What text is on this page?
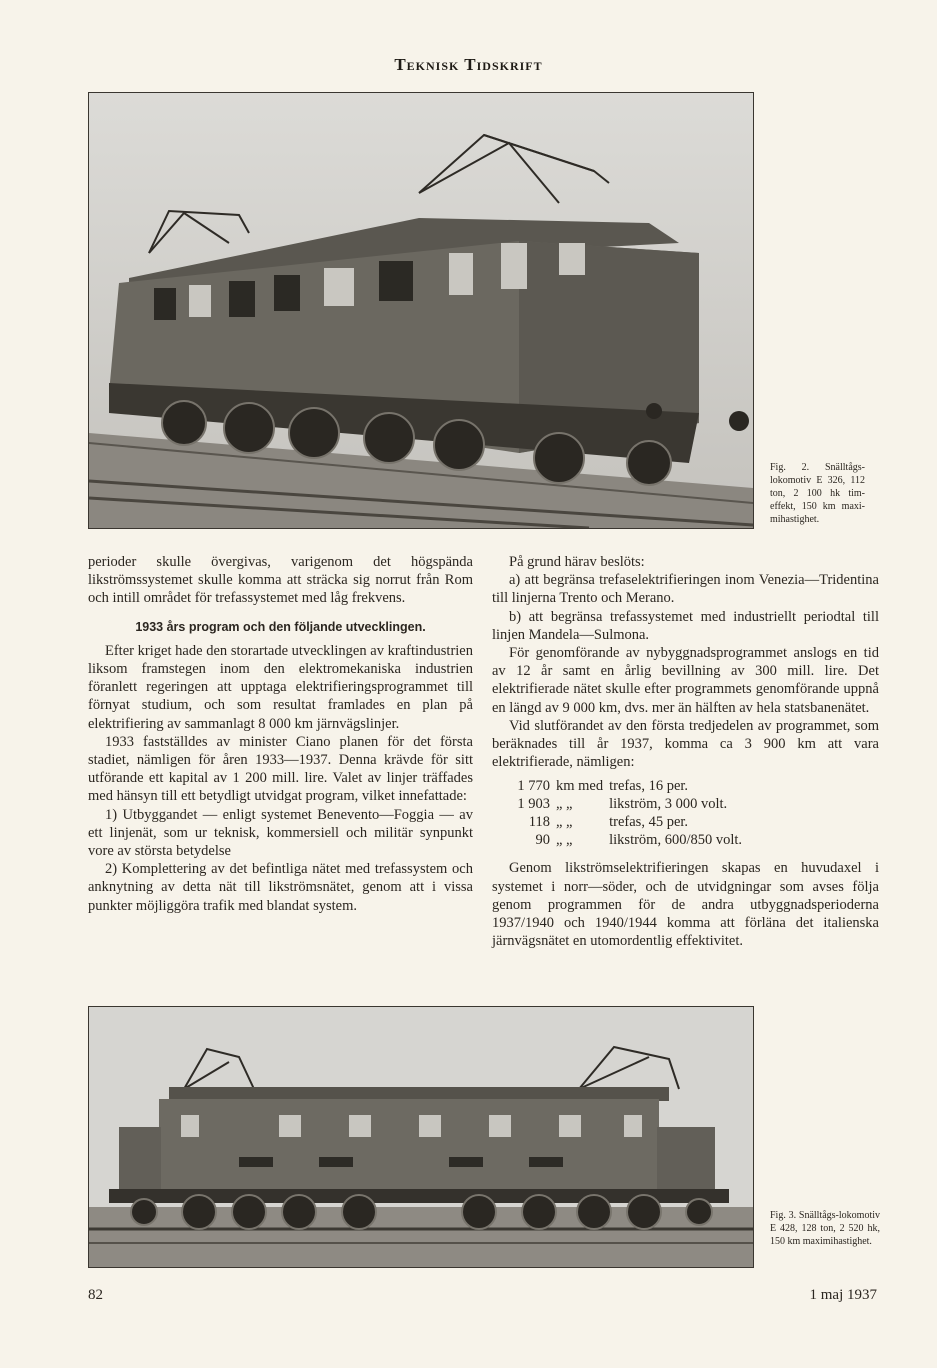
Teknisk Tidskrift
Fig. 2. Snälltågs-lokomotiv E 326, 112 ton, 2 100 hk tim-effekt, 150 km maxi-mihastighet.

perioder skulle övergivas, varigenom det högspända likströmssystemet skulle komma att sträcka sig norrut från Rom och intill området för trefassystemet med låg frekvens.

1933 års program och den följande utvecklingen.

Efter kriget hade den storartade utvecklingen av kraftindustrien liksom framstegen inom den elektromekaniska industrien föranlett regeringen att upptaga elektrifieringsprogrammet till förnyat studium, och som resultat framlades en plan på elektrifiering av sammanlagt 8 000 km järnvägslinjer.

1933 fastställdes av minister Ciano planen för det första stadiet, nämligen för åren 1933—1937. Denna krävde för sitt utförande ett kapital av 1 200 mill. lire. Valet av linjer träffades med hänsyn till ett betydligt utvidgat program, vilket innefattade:

1) Utbyggandet — enligt systemet Benevento—Foggia — av ett linjenät, som ur teknisk, kommersiell och militär synpunkt vore av största betydelse

2) Komplettering av det befintliga nätet med trefassystem och anknytning av detta nät till likströmsnätet, genom att i vissa punkter möjliggöra trafik med blandat system.

På grund härav beslöts:

a) att begränsa trefaselektrifieringen inom Venezia—Tridentina till linjerna Trento och Merano.

b) att begränsa trefassystemet med industriellt periodtal till linjen Mandela—Sulmona.

För genomförande av nybyggnadsprogrammet anslogs en tid av 12 år samt en årlig bevillning av 300 mill. lire. Det elektrifierade nätet skulle efter programmets genomförande uppnå en längd av 9 000 km, dvs. mer än hälften av hela statsbanenätet.

Vid slutförandet av den första tredjedelen av programmet, som beräknades till år 1937, komma ca 3 900 km att vara elektrifierade, nämligen:

1 770	km med	trefas, 16 per.
1 903	„ „	likström, 3 000 volt.
118	„ „	trefas, 45 per.
90	„ „	likström, 600/850 volt.

Genom likströmselektrifieringen skapas en huvudaxel i systemet i norr—söder, och de utvidgningar som avses följa genom programmen för de andra utbyggnadsperioderna 1937/1940 och 1940/1944 komma att förläna det italienska järnvägsnätet en utomordentlig effektivitet.

Fig. 3. Snälltågs-lokomotiv E 428, 128 ton, 2 520 hk, 150 km maximihastighet.
82	1 maj 1937
